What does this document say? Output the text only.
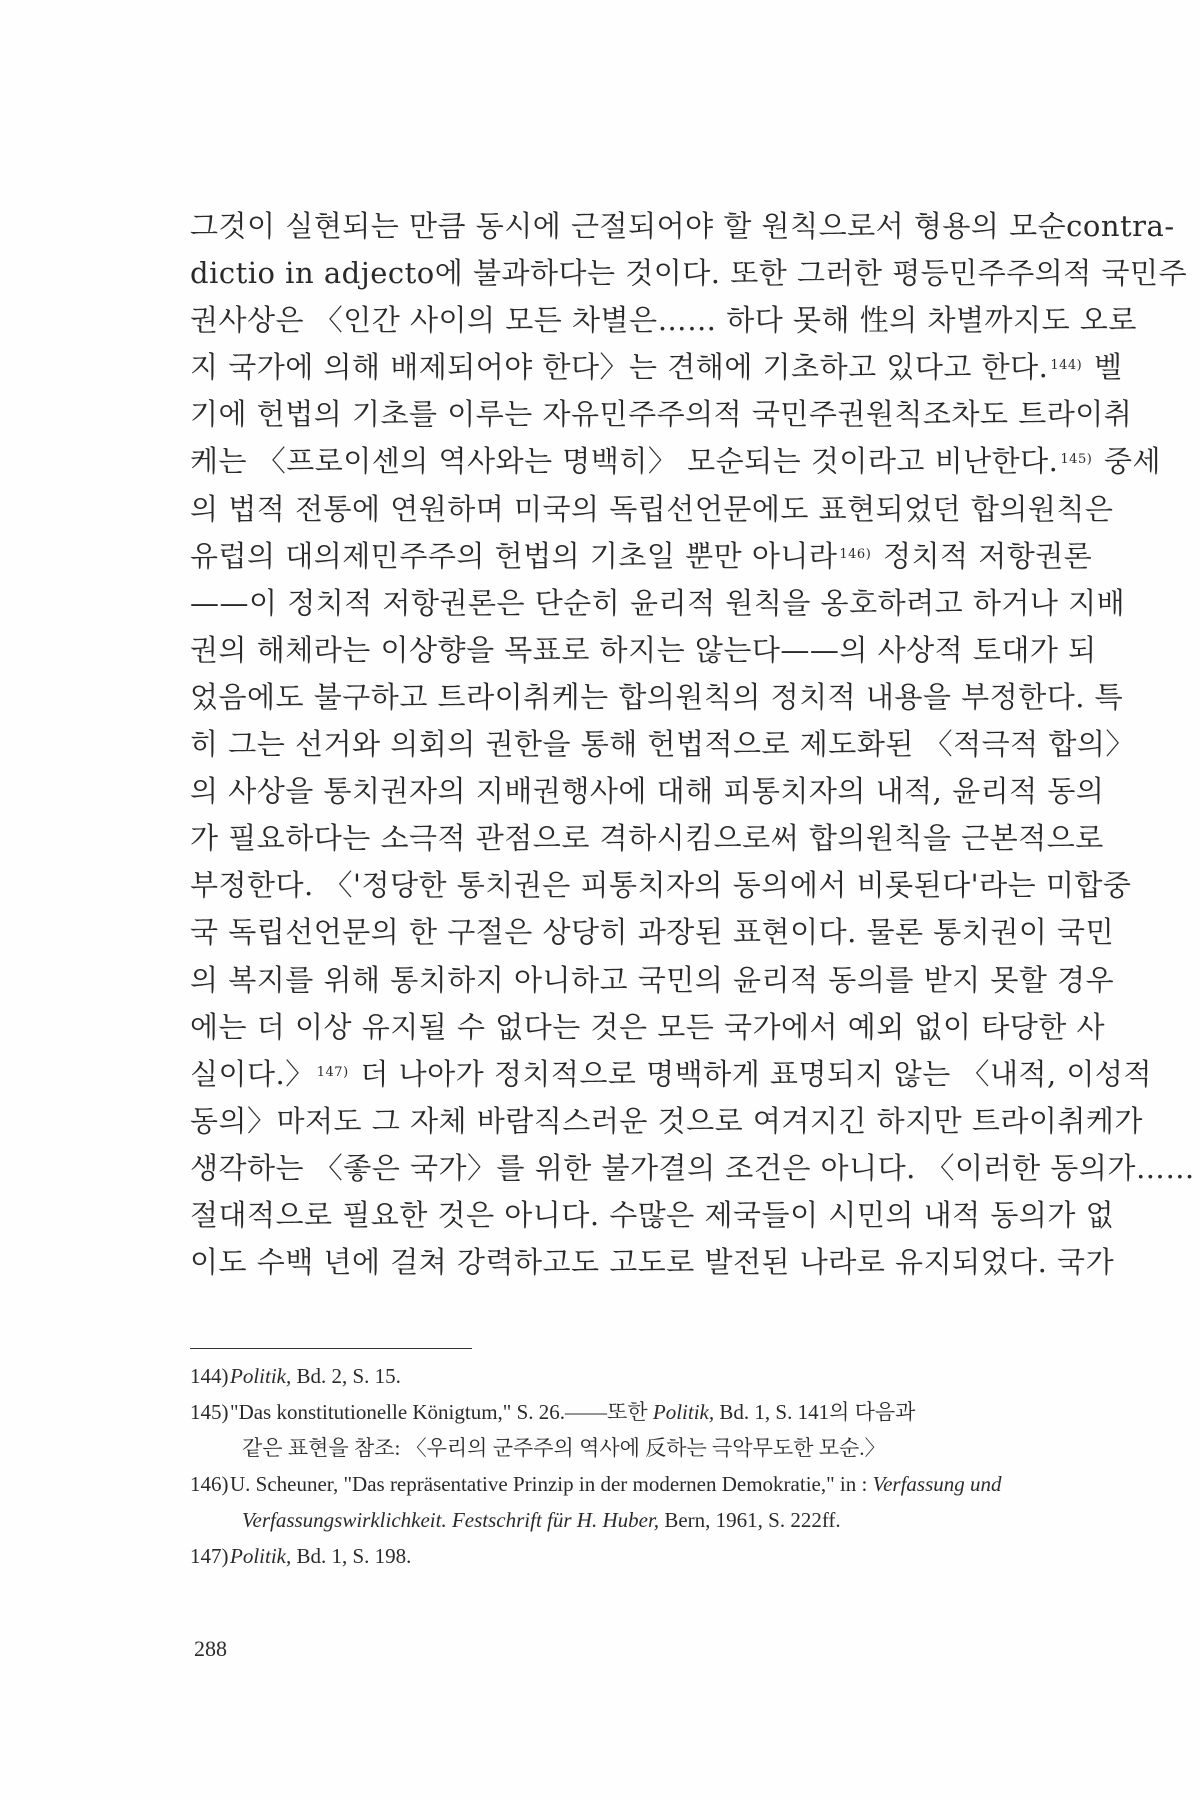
그것이 실현되는 만큼 동시에 근절되어야 할 원칙으로서 형용의 모순contra-
dictio in adjecto에 불과하다는 것이다. 또한 그러한 평등민주주의적 국민주
권사상은 〈인간 사이의 모든 차별은…… 하다 못해 性의 차별까지도 오로
지 국가에 의해 배제되어야 한다〉는 견해에 기초하고 있다고 한다. $^{144)}$ 벨
기에 헌법의 기초를 이루는 자유민주주의적 국민주권원칙조차도 트라이취
케는 〈프로이센의 역사와는 명백히〉 모순되는 것이라고 비난한다. $^{145)}$ 중세
의 법적 전통에 연원하며 미국의 독립선언문에도 표현되었던 합의원칙은
유럽의 대의제민주주의 헌법의 기초일 뿐만 아니라 $^{146)}$ 정치적 저항권론
——이 정치적 저항권론은 단순히 윤리적 원칙을 옹호하려고 하거나 지배
권의 해체라는 이상향을 목표로 하지는 않는다——의 사상적 토대가 되
었음에도 불구하고 트라이취케는 합의원칙의 정치적 내용을 부정한다. 특
히 그는 선거와 의회의 권한을 통해 헌법적으로 제도화된 〈적극적 합의〉
의 사상을 통치권자의 지배권행사에 대해 피통치자의 내적, 윤리적 동의
가 필요하다는 소극적 관점으로 격하시킴으로써 합의원칙을 근본적으로
부정한다. 〈'정당한 통치권은 피통치자의 동의에서 비롯된다'라는 미합중
국 독립선언문의 한 구절은 상당히 과장된 표현이다. 물론 통치권이 국민
의 복지를 위해 통치하지 아니하고 국민의 윤리적 동의를 받지 못할 경우
에는 더 이상 유지될 수 없다는 것은 모든 국가에서 예외 없이 타당한 사
실이다.〉 $^{147)}$ 더 나아가 정치적으로 명백하게 표명되지 않는 〈내적, 이성적
동의〉마저도 그 자체 바람직스러운 것으로 여겨지긴 하지만 트라이취케가
생각하는 〈좋은 국가〉를 위한 불가결의 조건은 아니다. 〈이러한 동의가……
절대적으로 필요한 것은 아니다. 수많은 제국들이 시민의 내적 동의가 없
이도 수백 년에 걸쳐 강력하고도 고도로 발전된 나라로 유지되었다. 국가
144)Politik, Bd. 2, S. 15.
145)"Das konstitutionelle Königtum," S. 26.——또한 Politik, Bd. 1, S. 141의 다음과
같은 표현을 참조: 〈우리의 군주주의 역사에 反하는 극악무도한 모순.〉
146)U. Scheuner, "Das repräsentative Prinzip in der modernen Demokratie," in : Verfassung und
Verfassungswirklichkeit. Festschrift für H. Huber, Bern, 1961, S. 222ff.
147)Politik, Bd. 1, S. 198.
288
